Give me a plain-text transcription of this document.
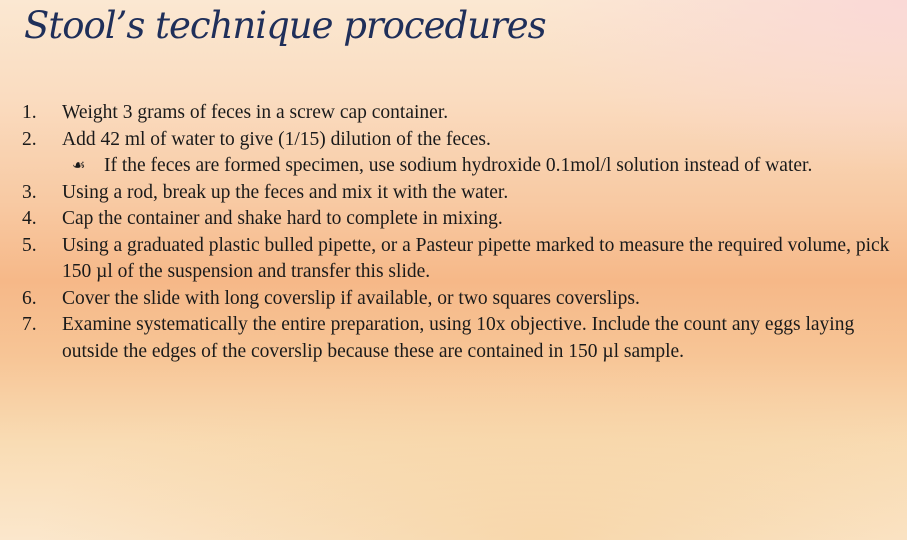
Stool’s technique procedures
1.	Weight 3 grams of feces in a screw cap container.
2.	Add 42 ml of water to give (1/15) dilution of the feces.
☙ If the feces are formed specimen, use sodium hydroxide 0.1mol/l solution instead of water.
3.	Using a rod, break up the feces and mix it with the water.
4.	Cap the container and shake hard to complete in mixing.
5.	Using a graduated plastic bulled pipette, or a Pasteur pipette marked to measure the required volume, pick 150 µl of the suspension and transfer this slide.
6.	Cover the slide with long coverslip if available, or two squares coverslips.
7.	Examine systematically the entire preparation, using 10x objective. Include the count any eggs laying outside the edges of the coverslip because these are contained in 150 µl sample.
